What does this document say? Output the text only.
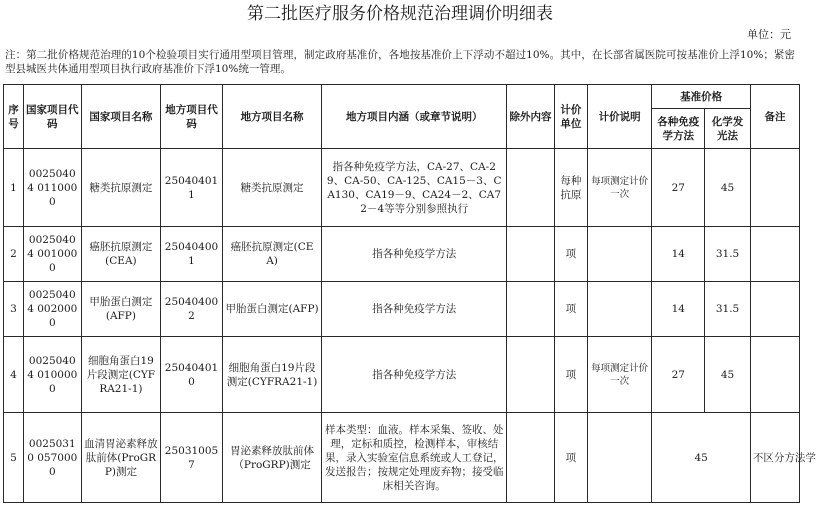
第二批医疗服务价格规范治理调价明细表
单位：元
注：第二批价格规范治理的10个检验项目实行通用型项目管理，制定政府基准价，各地按基准价上下浮动不超过10%。其中，在长部省属医院可按基准价上浮10%；紧密型县城医共体通用型项目执行政府基准价下浮10%统一管理。
序号	国家项目代码	国家项目名称	地方项目代码	地方项目名称	地方项目内涵（或章节说明）	除外内容	计价单位	计价说明	基准价格		备注
									各种免疫学方法	化学发光法	
1	00250404 0110000	糖类抗原测定	250404011	糖类抗原测定	指各种免疫学方法，CA-27、CA-29、CA-50、CA-125、CA15－3、CA130、CA19－9、CA24－2、CA72－4等等分别参照执行		每种抗原	每项测定计价一次	27	45	
2	00250404 0010000	癌胚抗原测定(CEA)	250404001	癌胚抗原测定(CEA)	指各种免疫学方法		项		14	31.5	
3	00250404 0020000	甲胎蛋白测定(AFP)	250404002	甲胎蛋白测定(AFP)	指各种免疫学方法		项		14	31.5	
4	00250404 0100000	细胞角蛋白19片段测定(CYFRA21-1)	250404010	细胞角蛋白19片段测定(CYFRA21-1)	指各种免疫学方法		项	每项测定计价一次	27	45	
5	00250310 0570000	血清胃泌素释放肽前体(ProGRP)测定	250310057	胃泌素释放肽前体（ProGRP)测定	样本类型：血液。样本采集、签收、处理，定标和质控，检测样本，审核结果，录入实验室信息系统或人工登记，发送报告；按规定处理废弃物；接受临床相关咨询。		项		45		不区分方法学
